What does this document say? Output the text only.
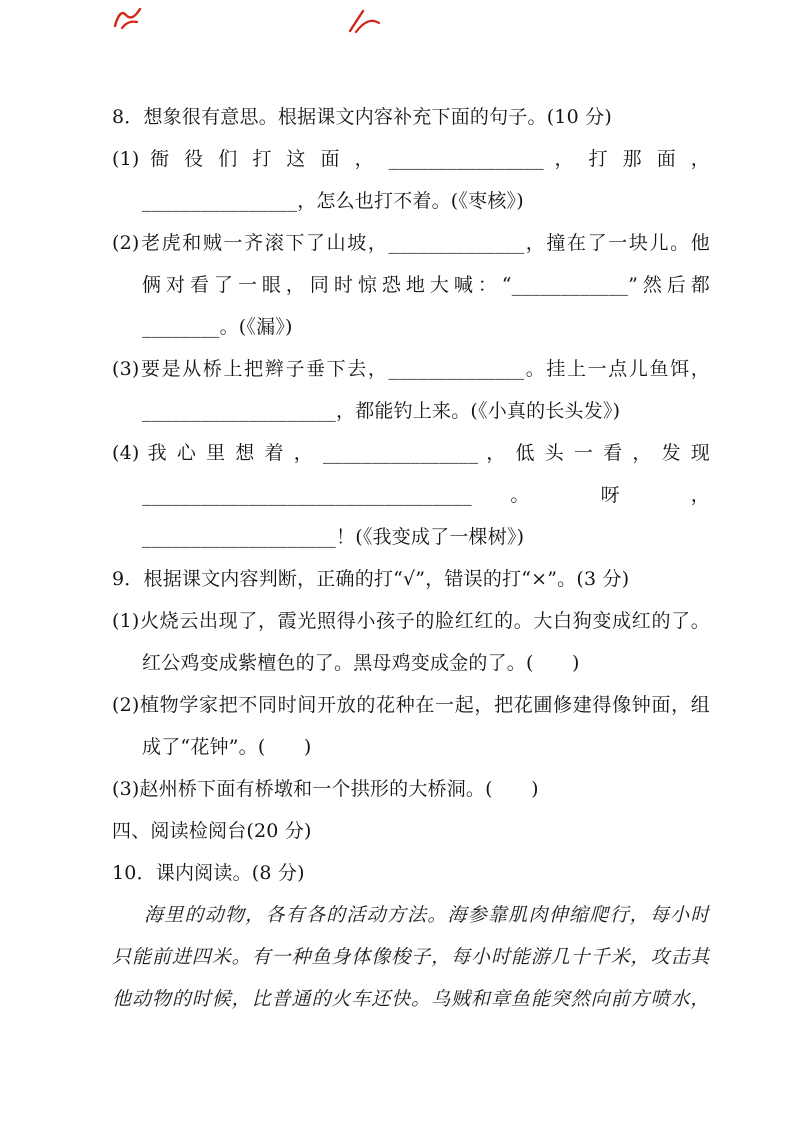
8．想象很有意思。根据课文内容补充下面的句子。(10 分)
(1) 衙 役 们 打 这 面 ， ________________ ， 打 那 面 ，
________________，怎么也打不着。(《枣核》)
(2)老虎和贼一齐滚下了山坡，______________，撞在了一块儿。他
俩对看了一眼，同时惊恐地大喊：“____________”然后都
________。(《漏》)
(3)要是从桥上把辫子垂下去，______________。挂上一点儿鱼饵，
____________________，都能钓上来。(《小真的长头发》)
(4) 我 心 里 想 着 ， ________________ ， 低 头 一 看 ， 发 现
__________________________________ 。 呀 ，
____________________！(《我变成了一棵树》)
9．根据课文内容判断，正确的打“√”，错误的打“×”。(3 分)
(1)火烧云出现了，霞光照得小孩子的脸红红的。大白狗变成红的了。
红公鸡变成紫檀色的了。黑母鸡变成金的了。(　　)
(2)植物学家把不同时间开放的花种在一起，把花圃修建得像钟面，组
成了“花钟”。(　　)
(3)赵州桥下面有桥墩和一个拱形的大桥洞。(　　)
四、阅读检阅台(20 分)
10．课内阅读。(8 分)
海里的动物，各有各的活动方法。海参靠肌肉伸缩爬行，每小时
只能前进四米。有一种鱼身体像梭子，每小时能游几十千米，攻击其
他动物的时候，比普通的火车还快。乌贼和章鱼能突然向前方喷水，
